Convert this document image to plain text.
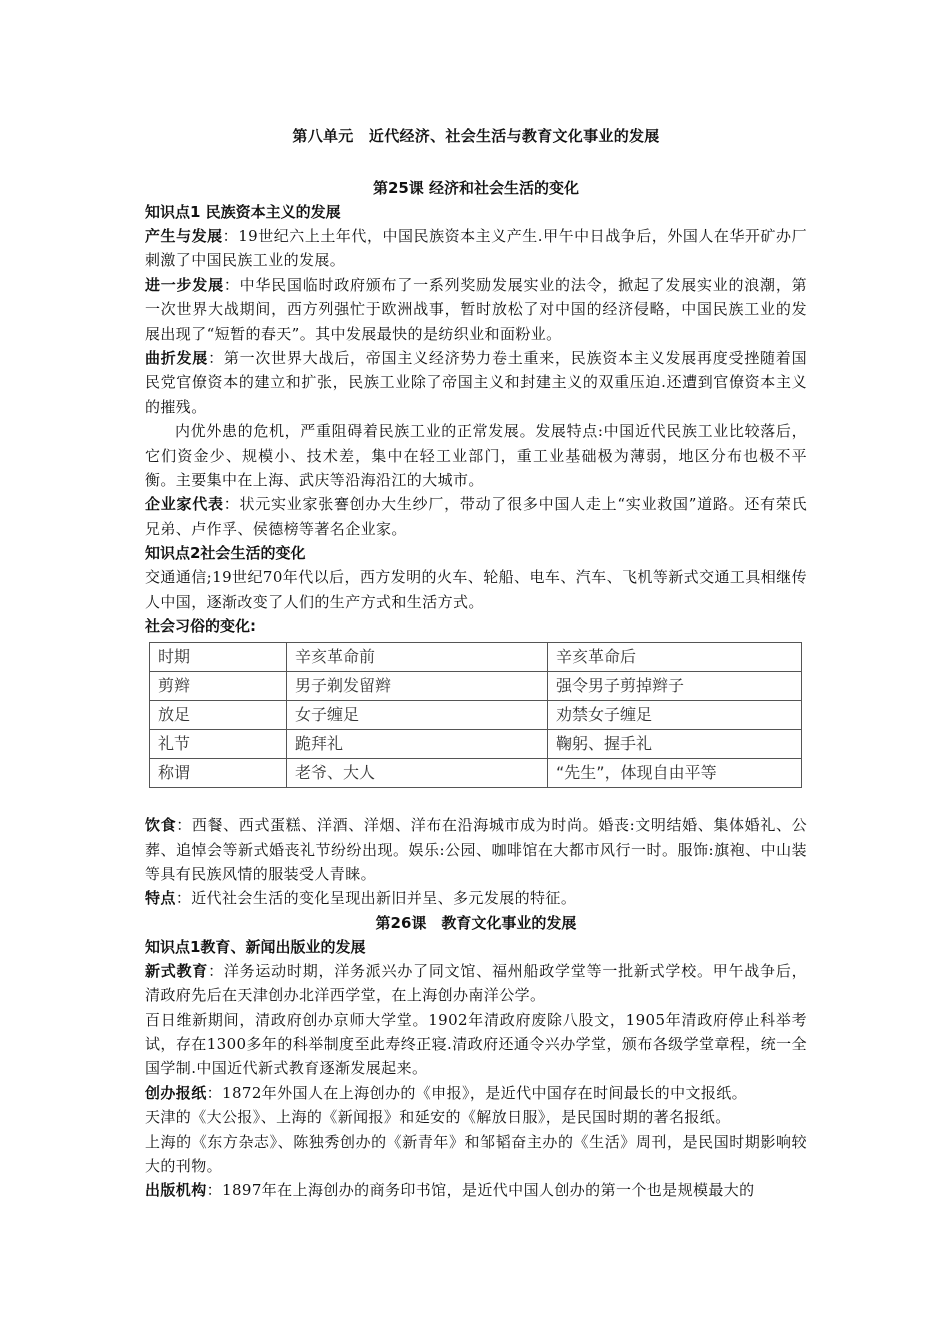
第八单元　近代经济、社会生活与教育文化事业的发展
第25课 经济和社会生活的变化
知识点1 民族资本主义的发展

产生与发展：19世纪六上土年代，中国民族资本主义产生.甲午中日战争后，外国人在华开矿办厂刺激了中国民族工业的发展。

进一步发展：中华民国临时政府颁布了一系列奖励发展实业的法令，掀起了发展实业的浪潮，第一次世界大战期间，西方列强忙于欧洲战事，暂时放松了对中国的经济侵略，中国民族工业的发展出现了“短暂的春天”。其中发展最快的是纺织业和面粉业。

曲折发展：第一次世界大战后，帝国主义经济势力卷土重来，民族资本主义发展再度受挫随着国民党官僚资本的建立和扩张，民族工业除了帝国主义和封建主义的双重压迫.还遭到官僚资本主义的摧残。

内优外患的危机，严重阻碍着民族工业的正常发展。发展特点:中国近代民族工业比较落后，它们资金少、规模小、技术差，集中在轻工业部门，重工业基础极为薄弱，地区分布也极不平衡。主要集中在上海、武庆等沿海沿江的大城市。

企业家代表：状元实业家张謇创办大生纱厂，带动了很多中国人走上“实业救国”道路。还有荣氏兄弟、卢作孚、侯德榜等著名企业家。

知识点2社会生活的变化

交通通信;19世纪70年代以后，西方发明的火车、轮船、电车、汽车、飞机等新式交通工具相继传人中国，逐渐改变了人们的生产方式和生活方式。

社会习俗的变化:
时期	辛亥革命前	辛亥革命后
剪辫	男子剃发留辫	强令男子剪掉辫子
放足	女子缠足	劝禁女子缠足
礼节	跪拜礼	鞠躬、握手礼
称谓	老爷、大人	“先生”，体现自由平等

饮食：西餐、西式蛋糕、洋酒、洋烟、洋布在沿海城市成为时尚。婚丧:文明结婚、集体婚礼、公葬、追悼会等新式婚丧礼节纷纷出现。娱乐:公园、咖啡馆在大都市风行一时。服饰:旗袍、中山装等具有民族风情的服装受人青睐。

特点：近代社会生活的变化呈现出新旧并呈、多元发展的特征。

第26课　教育文化事业的发展
知识点1教育、新闻出版业的发展

新式教育：洋务运动时期，洋务派兴办了同文馆、福州船政学堂等一批新式学校。甲午战争后，清政府先后在天津创办北洋西学堂，在上海创办南洋公学。

百日维新期间，清政府创办京师大学堂。1902年清政府废除八股文，1905年清政府停止科举考试，存在1300多年的科举制度至此寿终正寝.清政府还通令兴办学堂，颁布各级学堂章程，统一全国学制.中国近代新式教育逐渐发展起来。

创办报纸：1872年外国人在上海创办的《申报》，是近代中国存在时间最长的中文报纸。

天津的《大公报》、上海的《新闻报》和延安的《解放日服》，是民国时期的著名报纸。

上海的《东方杂志》、陈独秀创办的《新青年》和邹韬奋主办的《生活》周刊，是民国时期影响较大的刊物。

出版机构：1897年在上海创办的商务印书馆，是近代中国人创办的第一个也是规模最大的
